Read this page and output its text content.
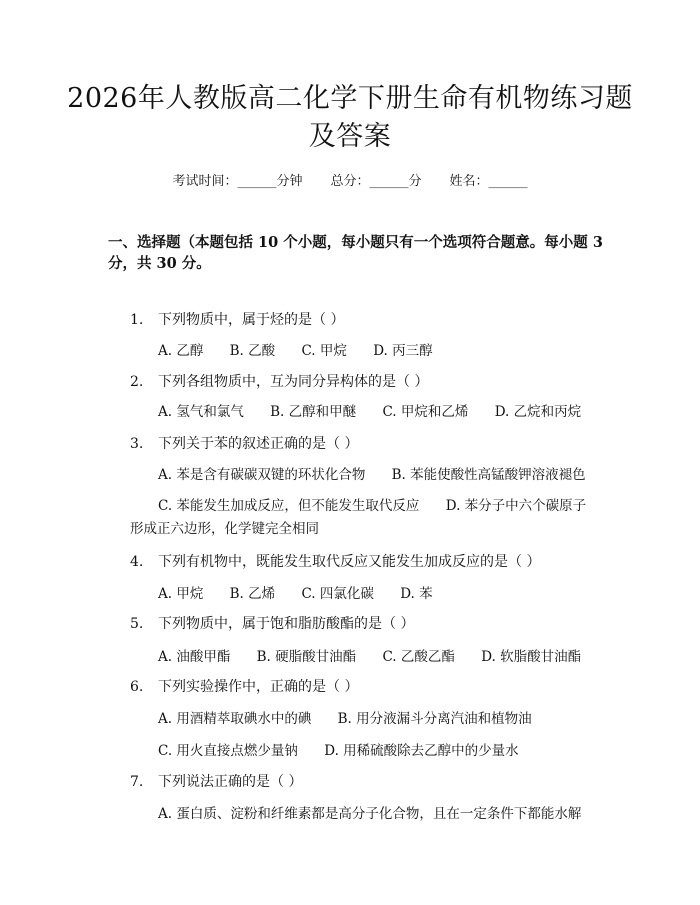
2026年人教版高二化学下册生命有机物练习题及答案
考试时间：______分钟 总分：______分 姓名：______
一、选择题（本题包括 10 个小题，每小题只有一个选项符合题意。每小题 3 分，共 30 分。
1. 下列物质中，属于烃的是（ ）
A. 乙醇 B. 乙酸 C. 甲烷 D. 丙三醇
2. 下列各组物质中，互为同分异构体的是（ ）
A. 氢气和氯气 B. 乙醇和甲醚 C. 甲烷和乙烯 D. 乙烷和丙烷
3. 下列关于苯的叙述正确的是（ ）
A. 苯是含有碳碳双键的环状化合物 B. 苯能使酸性高锰酸钾溶液褪色
C. 苯能发生加成反应，但不能发生取代反应 D. 苯分子中六个碳原子
形成正六边形，化学键完全相同
4. 下列有机物中，既能发生取代反应又能发生加成反应的是（ ）
A. 甲烷 B. 乙烯 C. 四氯化碳 D. 苯
5. 下列物质中，属于饱和脂肪酸酯的是（ ）
A. 油酸甲酯 B. 硬脂酸甘油酯 C. 乙酸乙酯 D. 软脂酸甘油酯
6. 下列实验操作中，正确的是（ ）
A. 用酒精萃取碘水中的碘 B. 用分液漏斗分离汽油和植物油
C. 用火直接点燃少量钠 D. 用稀硫酸除去乙醇中的少量水
7. 下列说法正确的是（ ）
A. 蛋白质、淀粉和纤维素都是高分子化合物，且在一定条件下都能水解
